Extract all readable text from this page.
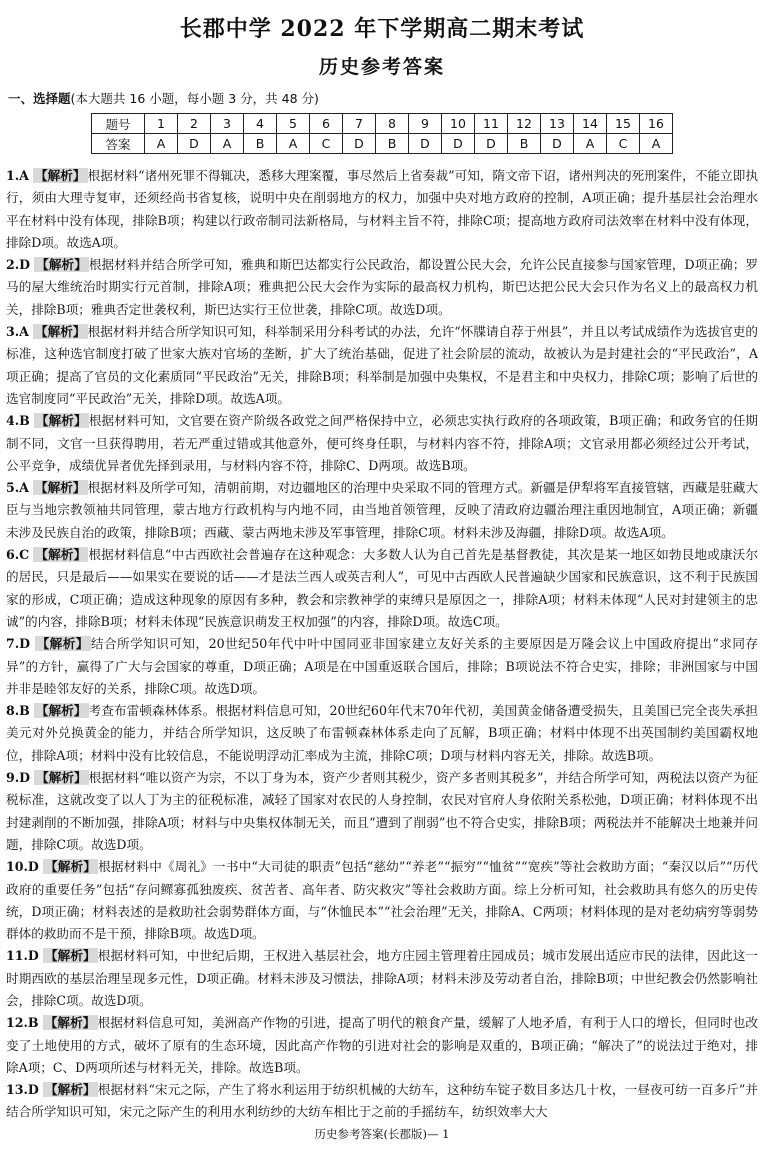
长郡中学 2022 年下学期高二期末考试
历史参考答案
一、选择题(本大题共 16 小题，每小题 3 分，共 48 分)
题号	1	2	3	4	5	6	7	8	9	10	11	12	13	14	15	16
答案	A	D	A	B	A	C	D	B	D	D	D	B	D	A	C	A

1.A 【解析】 根据材料“诸州死罪不得辄决，悉移大理案覆，事尽然后上省奏裁”可知，隋文帝下诏，诸州判决的死刑案件，不能立即执行，须由大理寺复审，还须经尚书省复核，说明中央在削弱地方的权力，加强中央对地方政府的控制，A项正确；提升基层社会治理水平在材料中没有体现，排除B项；构建以行政帝制司法新格局，与材料主旨不符，排除C项；提高地方政府司法效率在材料中没有体现，排除D项。故选A项。

2.D 【解析】 根据材料并结合所学可知，雅典和斯巴达都实行公民政治，都设置公民大会，允许公民直接参与国家管理，D项正确；罗马的屋大维统治时期实行元首制，排除A项；雅典把公民大会作为实际的最高权力机构，斯巴达把公民大会只作为名义上的最高权力机关，排除B项；雅典否定世袭权利，斯巴达实行王位世袭，排除C项。故选D项。

3.A 【解析】 根据材料并结合所学知识可知，科举制采用分科考试的办法，允许“怀牒请自荐于州县”，并且以考试成绩作为选拔官吏的标准，这种选官制度打破了世家大族对官场的垄断，扩大了统治基础，促进了社会阶层的流动，故被认为是封建社会的“平民政治”，A项正确；提高了官员的文化素质同“平民政治”无关，排除B项；科举制是加强中央集权，不是君主和中央权力，排除C项；影响了后世的选官制度同“平民政治”无关，排除D项。故选A项。

4.B 【解析】 根据材料可知，文官要在资产阶级各政党之间严格保持中立，必须忠实执行政府的各项政策，B项正确；和政务官的任期制不同，文官一旦获得聘用，若无严重过错或其他意外，便可终身任职，与材料内容不符，排除A项；文官录用都必须经过公开考试，公平竞争，成绩优异者优先择到录用，与材料内容不符，排除C、D两项。故选B项。

5.A 【解析】 根据材料及所学可知，清朝前期，对边疆地区的治理中央采取不同的管理方式。新疆是伊犁将军直接管辖，西藏是驻藏大臣与当地宗教领袖共同管理，蒙古地方行政机构与内地不同，由当地首领管理，反映了清政府边疆治理注重因地制宜，A项正确；新疆未涉及民族自治的政策，排除B项；西藏、蒙古两地未涉及军事管理，排除C项。材料未涉及海疆，排除D项。故选A项。

6.C 【解析】 根据材料信息“中古西欧社会普遍存在这种观念：大多数人认为自己首先是基督教徒，其次是某一地区如勃艮地或康沃尔的居民，只是最后——如果实在要说的话——才是法兰西人或英吉利人”，可见中古西欧人民普遍缺少国家和民族意识，这不利于民族国家的形成，C项正确；造成这种现象的原因有多种，教会和宗教神学的束缚只是原因之一，排除A项；材料未体现“人民对封建领主的忠诚”的内容，排除B项；材料未体现“民族意识萌发王权加强”的内容，排除D项。故选C项。

7.D 【解析】 结合所学知识可知，20世纪50年代中叶中国同亚非国家建立友好关系的主要原因是万隆会议上中国政府提出“求同存异”的方针，赢得了广大与会国家的尊重，D项正确；A项是在中国重返联合国后，排除；B项说法不符合史实，排除；非洲国家与中国并非是睦邻友好的关系，排除C项。故选D项。

8.B 【解析】 考查布雷顿森林体系。根据材料信息可知，20世纪60年代末70年代初，美国黄金储备遭受损失，且美国已完全丧失承担美元对外兑换黄金的能力，并结合所学知识，这反映了布雷顿森林体系走向了瓦解，B项正确；材料中体现不出英国制约美国霸权地位，排除A项；材料中没有比较信息，不能说明浮动汇率成为主流，排除C项；D项与材料内容无关，排除。故选B项。

9.D 【解析】 根据材料“唯以资产为宗，不以丁身为本，资产少者则其税少，资产多者则其税多”，并结合所学可知，两税法以资产为征税标准，这就改变了以人丁为主的征税标准，减轻了国家对农民的人身控制，农民对官府人身依附关系松弛，D项正确；材料体现不出封建剥削的不断加强，排除A项；材料与中央集权体制无关，而且“遭到了削弱”也不符合史实，排除B项；两税法并不能解决土地兼并问题，排除C项。故选D项。

10.D 【解析】 根据材料中《周礼》一书中“大司徒的职责”包括“慈幼”“养老”“振穷”“恤贫”“宽疾”等社会救助方面；“秦汉以后”“历代政府的重要任务”包括“存问鳏寡孤独废疾、贫苦者、高年者、防灾救灾”等社会救助方面。综上分析可知，社会救助具有悠久的历史传统，D项正确；材料表述的是救助社会弱势群体方面，与“休恤民本”“社会治理”无关，排除A、C两项；材料体现的是对老幼病穷等弱势群体的救助而不是干预，排除B项。故选D项。

11.D 【解析】 根据材料可知，中世纪后期，王权进入基层社会，地方庄园主管理着庄园成员；城市发展出适应市民的法律，因此这一时期西欧的基层治理呈现多元性，D项正确。材料未涉及习惯法，排除A项；材料未涉及劳动者自治，排除B项；中世纪教会仍然影响社会，排除C项。故选D项。

12.B 【解析】 根据材料信息可知，美洲高产作物的引进，提高了明代的粮食产量，缓解了人地矛盾，有利于人口的增长，但同时也改变了土地使用的方式，破坏了原有的生态环境，因此高产作物的引进对社会的影响是双重的，B项正确；“解决了”的说法过于绝对，排除A项；C、D两项所述与材料无关，排除。故选B项。

13.D 【解析】 根据材料“宋元之际，产生了将水利运用于纺织机械的大纺车，这种纺车锭子数目多达几十枚，一昼夜可纺一百多斤”并结合所学知识可知，宋元之际产生的利用水利纺纱的大纺车相比于之前的手摇纺车，纺织效率大大

历史参考答案(长郡版)— 1
